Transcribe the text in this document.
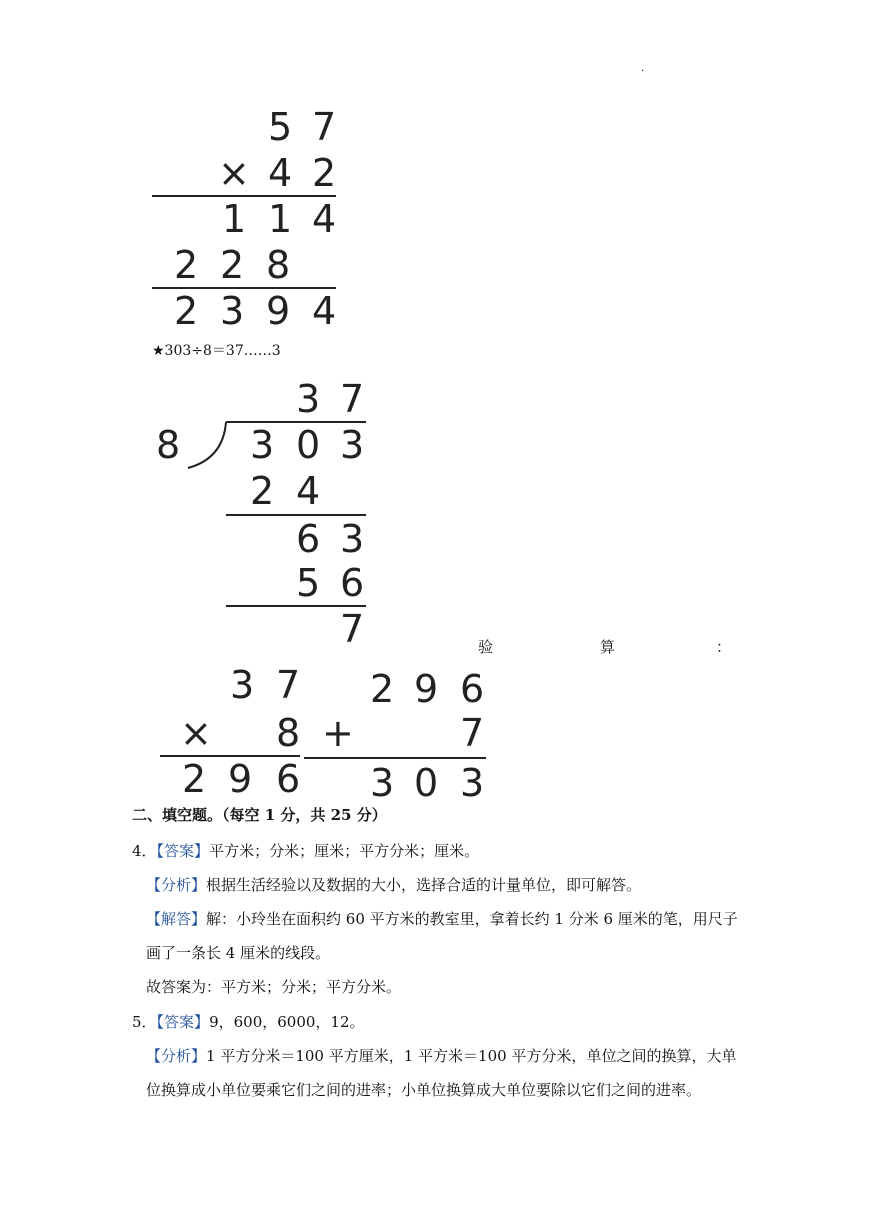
·
5 7
× 4 2
1 1 4
2 2 8
2 3 9 4
3 7
8 3 0 3
2 4
6 3
5 6
7
3 7
× 8
2 9 6
2 9 6
+	7
3 0 3
★303÷8＝37……3
验	算	：
二、填空题。（每空 1 分，共 25 分）
4．【答案】平方米；分米；厘米；平方分米；厘米。
【分析】根据生活经验以及数据的大小，选择合适的计量单位，即可解答。
【解答】解：小玲坐在面积约 60 平方米的教室里，拿着长约 1 分米 6 厘米的笔，用尺子
画了一条长 4 厘米的线段。
故答案为：平方米；分米；平方分米。
5．【答案】9，600，6000，12。
【分析】1 平方分米＝100 平方厘米，1 平方米＝100 平方分米，单位之间的换算，大单
位换算成小单位要乘它们之间的进率；小单位换算成大单位要除以它们之间的进率。
